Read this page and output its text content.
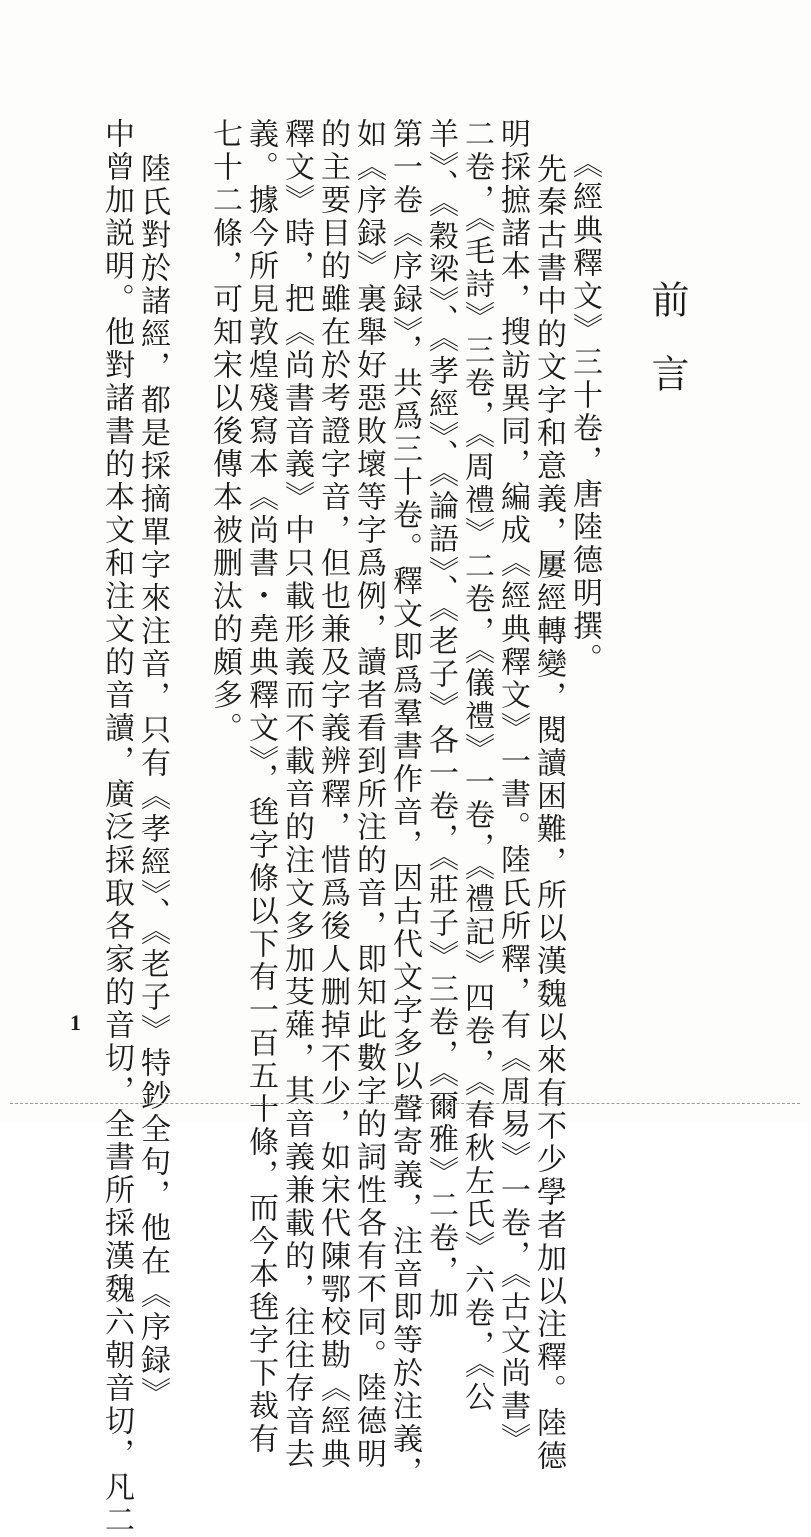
前言
《經典釋文》三十卷，唐陸德明撰。
先秦古書中的文字和意義，屢經轉變，閱讀困難，所以漢魏以來有不少學者加以注釋。陸德
明採摭諸本，搜訪異同，編成《經典釋文》一書。陸氏所釋，有《周易》一卷，《古文尚書》
二卷，《毛詩》三卷，《周禮》二卷，《儀禮》一卷，《禮記》四卷，《春秋左氏》六卷，《公
羊》、《穀梁》、《孝經》、《論語》、《老子》各一卷，《莊子》三卷，《爾雅》二卷，加
第一卷《序録》，共爲三十卷。釋文即爲羣書作音，因古代文字多以聲寄義，注音即等於注義，
如《序録》裏舉好惡敗壞等字爲例，讀者看到所注的音，即知此數字的詞性各有不同。陸德明
的主要目的雖在於考證字音，但也兼及字義辨釋，惜爲後人删掉不少，如宋代陳鄂校勘《經典
釋文》時，把《尚書音義》中只載形義而不載音的注文多加芟薙，其音義兼載的，往往存音去
義。據今所見敦煌殘寫本《尚書・堯典釋文》，毪字條以下有一百五十條，而今本毪字下裁有
七十二條，可知宋以後傳本被删汰的頗多。
陸氏對於諸經，都是採摘單字來注音，只有《孝經》、《老子》特鈔全句，他在《序録》
中曾加説明。他對諸書的本文和注文的音讀，廣泛採取各家的音切，全書所採漢魏六朝音切，凡二
1
